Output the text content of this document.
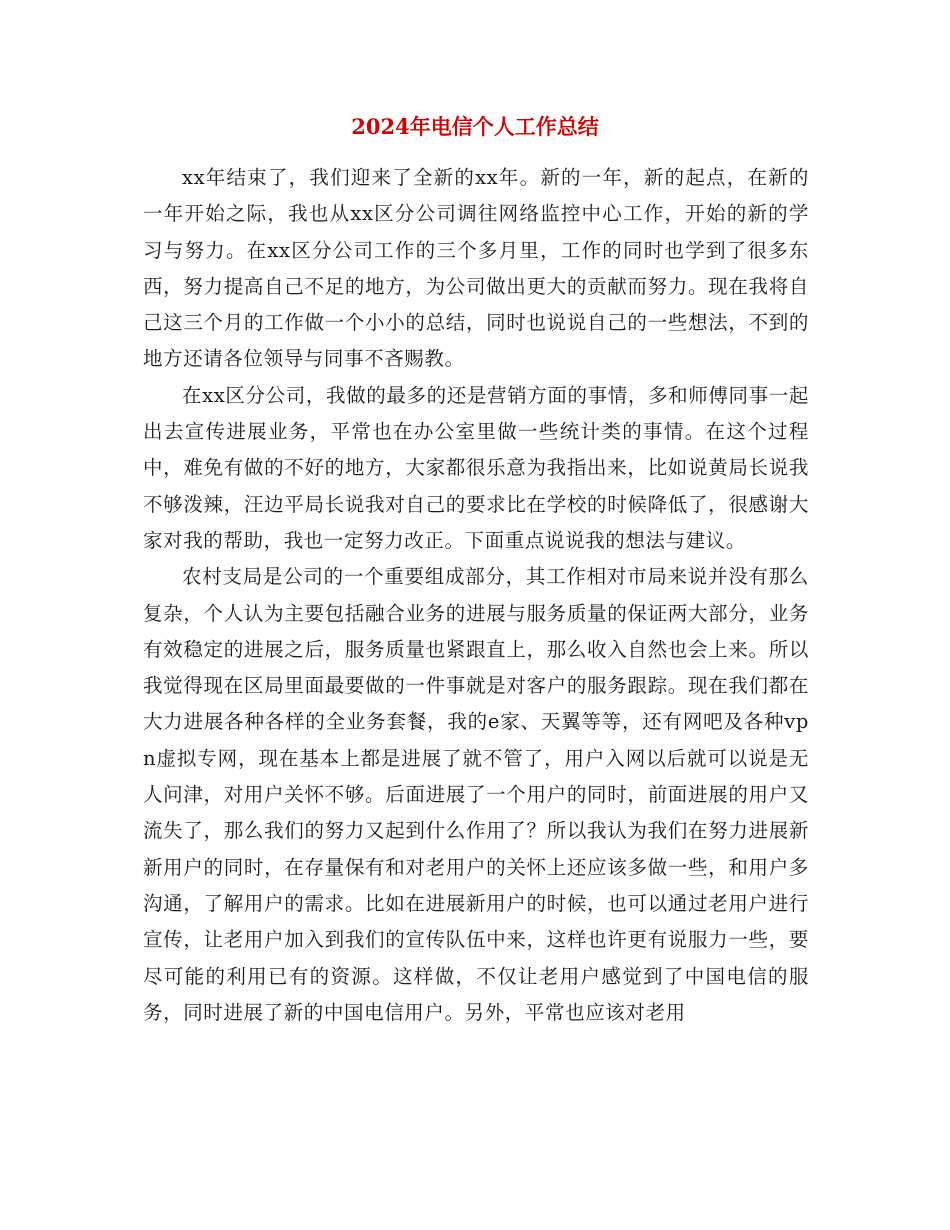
2024年电信个人工作总结

xx年结束了，我们迎来了全新的xx年。新的一年，新的起点，在新的一年开始之际，我也从xx区分公司调往网络监控中心工作，开始的新的学习与努力。在xx区分公司工作的三个多月里，工作的同时也学到了很多东西，努力提高自己不足的地方，为公司做出更大的贡献而努力。现在我将自己这三个月的工作做一个小小的总结，同时也说说自己的一些想法，不到的地方还请各位领导与同事不吝赐教。

在xx区分公司，我做的最多的还是营销方面的事情，多和师傅同事一起出去宣传进展业务，平常也在办公室里做一些统计类的事情。在这个过程中，难免有做的不好的地方，大家都很乐意为我指出来，比如说黄局长说我不够泼辣，汪边平局长说我对自己的要求比在学校的时候降低了，很感谢大家对我的帮助，我也一定努力改正。下面重点说说我的想法与建议。

农村支局是公司的一个重要组成部分，其工作相对市局来说并没有那么复杂，个人认为主要包括融合业务的进展与服务质量的保证两大部分，业务有效稳定的进展之后，服务质量也紧跟直上，那么收入自然也会上来。所以我觉得现在区局里面最要做的一件事就是对客户的服务跟踪。现在我们都在大力进展各种各样的全业务套餐，我的e家、天翼等等，还有网吧及各种vpn虚拟专网，现在基本上都是进展了就不管了，用户入网以后就可以说是无人问津，对用户关怀不够。后面进展了一个用户的同时，前面进展的用户又流失了，那么我们的努力又起到什么作用了？所以我认为我们在努力进展新新用户的同时，在存量保有和对老用户的关怀上还应该多做一些，和用户多沟通，了解用户的需求。比如在进展新用户的时候，也可以通过老用户进行宣传，让老用户加入到我们的宣传队伍中来，这样也许更有说服力一些，要尽可能的利用已有的资源。这样做，不仅让老用户感觉到了中国电信的服务，同时进展了新的中国电信用户。另外，平常也应该对老用
